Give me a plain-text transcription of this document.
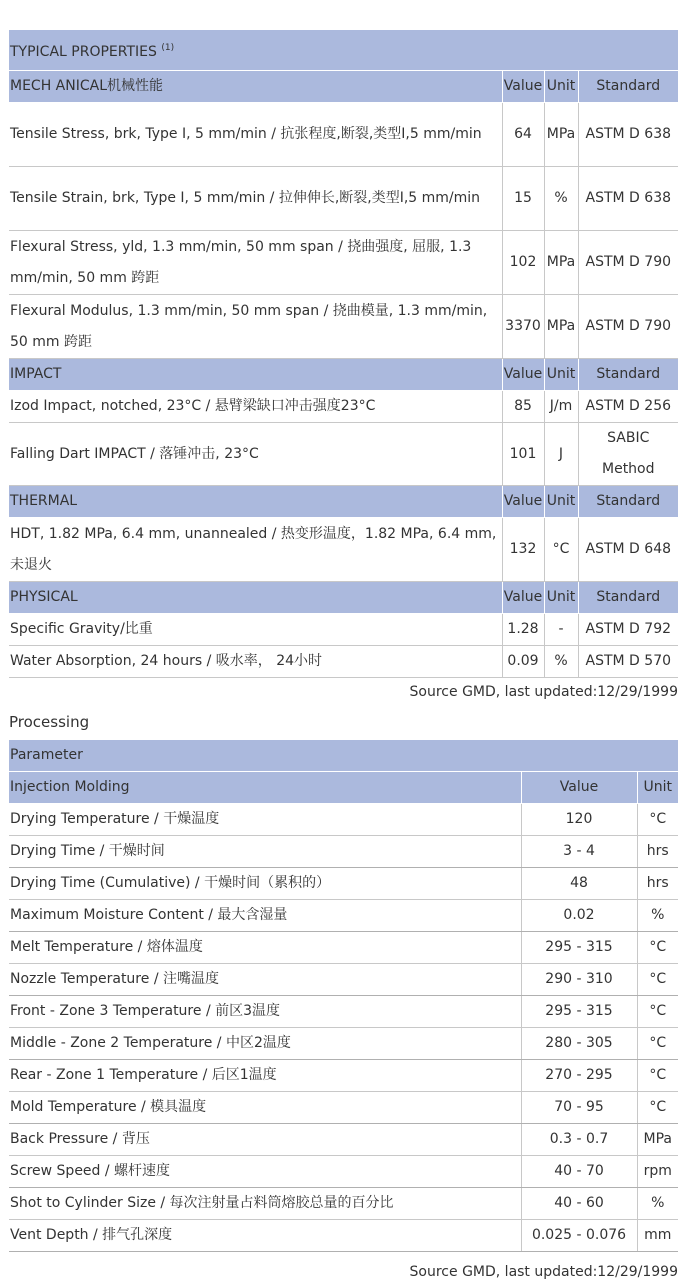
TYPICAL PROPERTIES $^{(1)}$
MECH ANICAL机械性能	Value	Unit	Standard
Tensile Stress, brk, Type I, 5 mm/min / 抗张程度,断裂,类型I,5 mm/min	64	MPa	ASTM D 638
Tensile Strain, brk, Type I, 5 mm/min / 拉伸伸长,断裂,类型I,5 mm/min	15	%	ASTM D 638
Flexural Stress, yld, 1.3 mm/min, 50 mm span / 挠曲强度, 屈服, 1.3 mm/min, 50 mm 跨距	102	MPa	ASTM D 790
Flexural Modulus, 1.3 mm/min, 50 mm span / 挠曲模量, 1.3 mm/min, 50 mm 跨距	3370	MPa	ASTM D 790
IMPACT	Value	Unit	Standard
Izod Impact, notched, 23°C / 悬臂梁缺口冲击强度23°C	85	J/m	ASTM D 256
Falling Dart IMPACT / 落锤冲击, 23°C	101	J	SABIC Method
THERMAL	Value	Unit	Standard
HDT, 1.82 MPa, 6.4 mm, unannealed / 热变形温度，1.82 MPa, 6.4 mm, 未退火	132	°C	ASTM D 648
PHYSICAL	Value	Unit	Standard
Specific Gravity/比重	1.28	-	ASTM D 792
Water Absorption, 24 hours / 吸水率， 24小时	0.09	%	ASTM D 570
Source GMD, last updated:12/29/1999
Processing
Parameter		
Injection Molding	Value	Unit
Drying Temperature / 干燥温度	120	°C
Drying Time / 干燥时间	3 - 4	hrs
Drying Time (Cumulative) / 干燥时间（累积的）	48	hrs
Maximum Moisture Content / 最大含湿量	0.02	%
Melt Temperature / 熔体温度	295 - 315	°C
Nozzle Temperature / 注嘴温度	290 - 310	°C
Front - Zone 3 Temperature / 前区3温度	295 - 315	°C
Middle - Zone 2 Temperature / 中区2温度	280 - 305	°C
Rear - Zone 1 Temperature / 后区1温度	270 - 295	°C
Mold Temperature / 模具温度	70 - 95	°C
Back Pressure / 背压	0.3 - 0.7	MPa
Screw Speed / 螺杆速度	40 - 70	rpm
Shot to Cylinder Size / 每次注射量占料筒熔胶总量的百分比	40 - 60	%
Vent Depth / 排气孔深度	0.025 - 0.076	mm
Source GMD, last updated:12/29/1999
